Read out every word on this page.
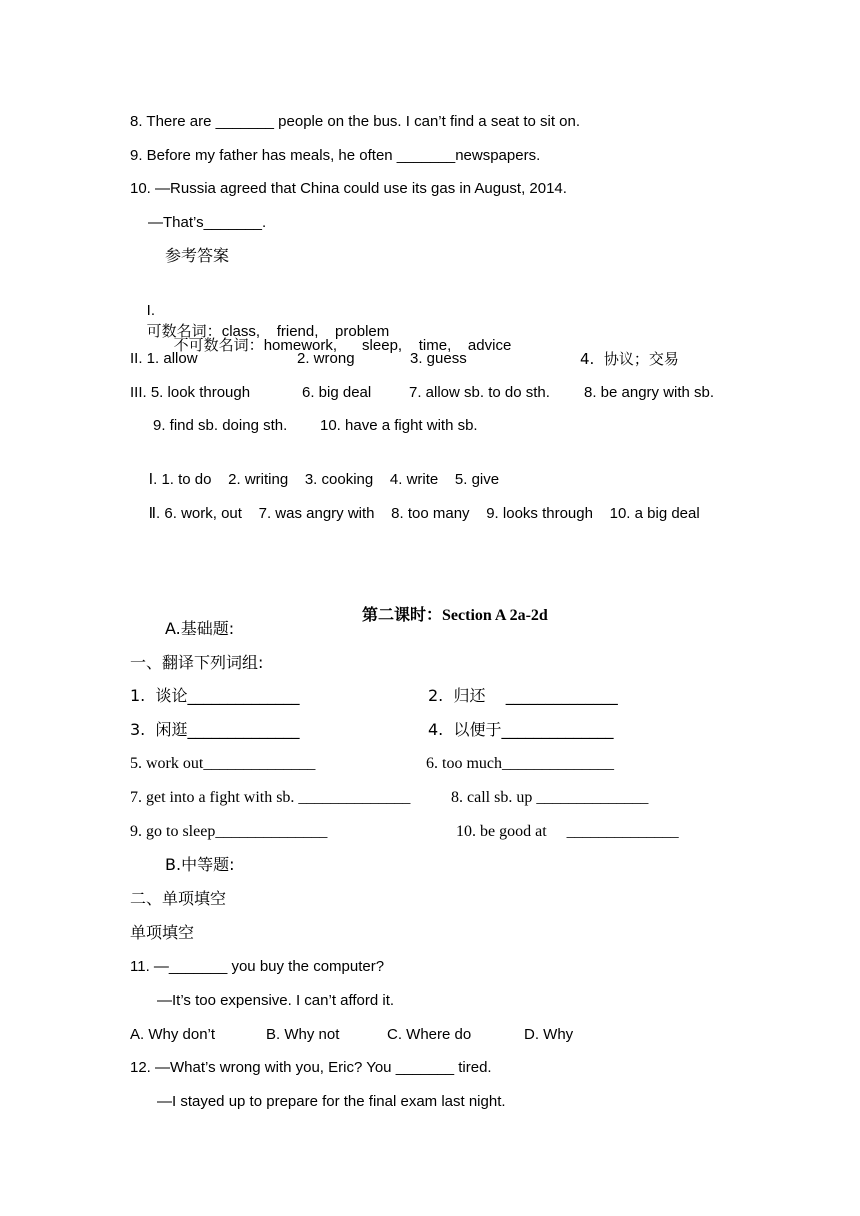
8. There are _______ people on the bus. I can’t find a seat to sit on.
9. Before my father has meals, he often _______newspapers.
10. —Russia agreed that China could use its gas in August, 2014.
—That’s_______.
参考答案

I.
可数名词：class,    friend,    problem

不可数名词：homework,      sleep,    time,    advice

II. 1. allow	2. wrong	3. guess	4.  协议；交易
III. 5. look through	6. big deal	7. allow sb. to do sth. 8. be angry with sb.
9. find sb. doing sth. 10. have a fight with sb.

Ⅰ. 1. to do    2. writing    3. cooking    4. write    5. give

Ⅱ. 6. work, out    7. was angry with    8. too many    9. looks through    10. a big deal

第二课时：Section A 2a-2d

A.基础题:
一、翻译下列词组:
1.  谈论______________	2.  归还    ______________
3.  闲逛______________	4.  以便于______________
5. work out______________	6. too much______________
7. get into a fight with sb. ______________	8. call sb. up ______________
9. go to sleep______________	10. be good at     ______________
B.中等题:
二、单项填空
单项填空
11. —_______ you buy the computer?
—It’s too expensive. I can’t afford it.
A. Why don’t	B. Why not	C. Where do	D. Why
12. —What’s wrong with you, Eric? You _______ tired.
—I stayed up to prepare for the final exam last night.
